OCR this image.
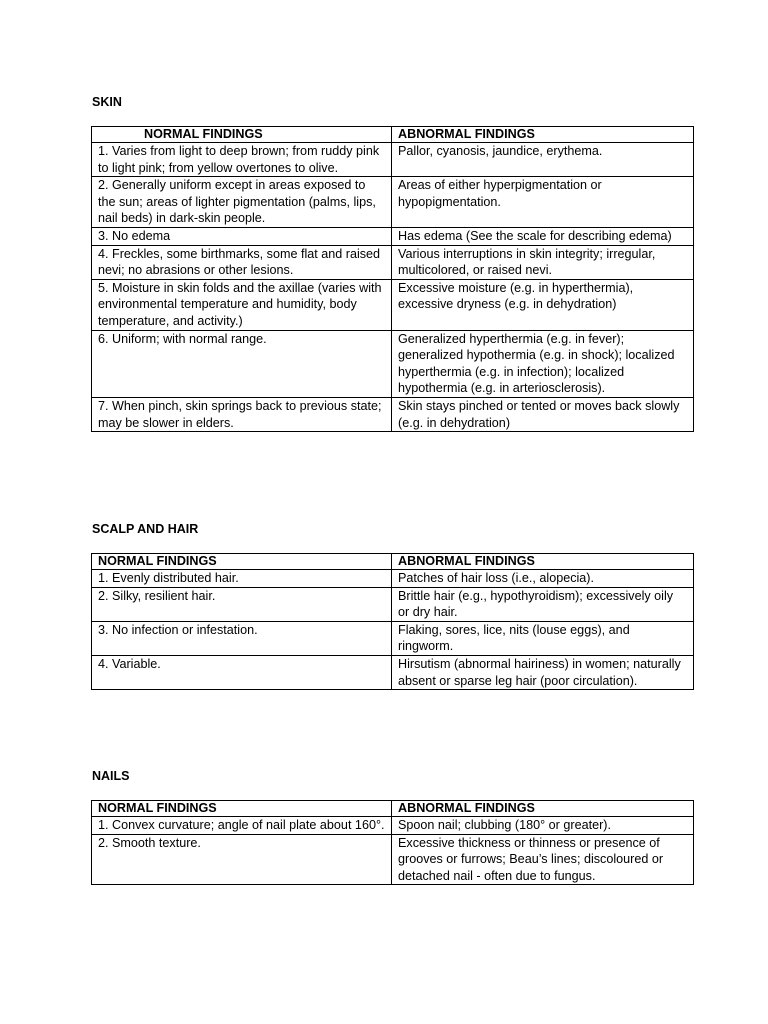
SKIN
NORMAL FINDINGS	ABNORMAL FINDINGS
1. Varies from light to deep brown; from ruddy pink to light pink; from yellow overtones to olive.	Pallor, cyanosis, jaundice, erythema.
2. Generally uniform except in areas exposed to the sun; areas of lighter pigmentation (palms, lips, nail beds) in dark-skin people.	Areas of either hyperpigmentation or hypopigmentation.
3. No edema	Has edema (See the scale for describing edema)
4. Freckles, some birthmarks, some flat and raised nevi; no abrasions or other lesions.	Various interruptions in skin integrity; irregular, multicolored, or raised nevi.
5. Moisture in skin folds and the axillae (varies with environmental temperature and humidity, body temperature, and activity.)	Excessive moisture (e.g. in hyperthermia), excessive dryness (e.g. in dehydration)
6. Uniform; with normal range.	Generalized hyperthermia (e.g. in fever); generalized hypothermia (e.g. in shock); localized hyperthermia (e.g. in infection); localized hypothermia (e.g. in arteriosclerosis).
7. When pinch, skin springs back to previous state; may be slower in elders.	Skin stays pinched or tented or moves back slowly (e.g. in dehydration)
SCALP AND HAIR
NORMAL FINDINGS	ABNORMAL FINDINGS
1. Evenly distributed hair.	Patches of hair loss (i.e., alopecia).
2. Silky, resilient hair.	Brittle hair (e.g., hypothyroidism); excessively oily or dry hair.
3. No infection or infestation.	Flaking, sores, lice, nits (louse eggs), and ringworm.
4. Variable.	Hirsutism (abnormal hairiness) in women; naturally absent or sparse leg hair (poor circulation).
NAILS
NORMAL FINDINGS	ABNORMAL FINDINGS
1. Convex curvature; angle of nail plate about 160°.	Spoon nail; clubbing (180° or greater).
2. Smooth texture.	Excessive thickness or thinness or presence of grooves or furrows; Beau’s lines; discoloured or detached nail - often due to fungus.
